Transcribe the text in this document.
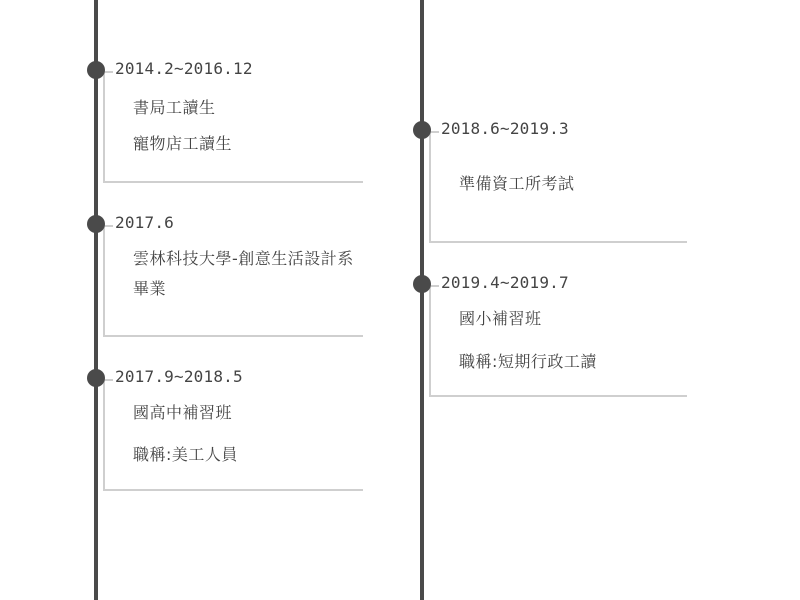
2014.2~2016.12
書局工讀生
寵物店工讀生
2017.6
雲林科技大學-創意生活設計系
畢業
2017.9~2018.5
國高中補習班
職稱:美工人員
2018.6~2019.3
準備資工所考試
2019.4~2019.7
國小補習班
職稱:短期行政工讀
